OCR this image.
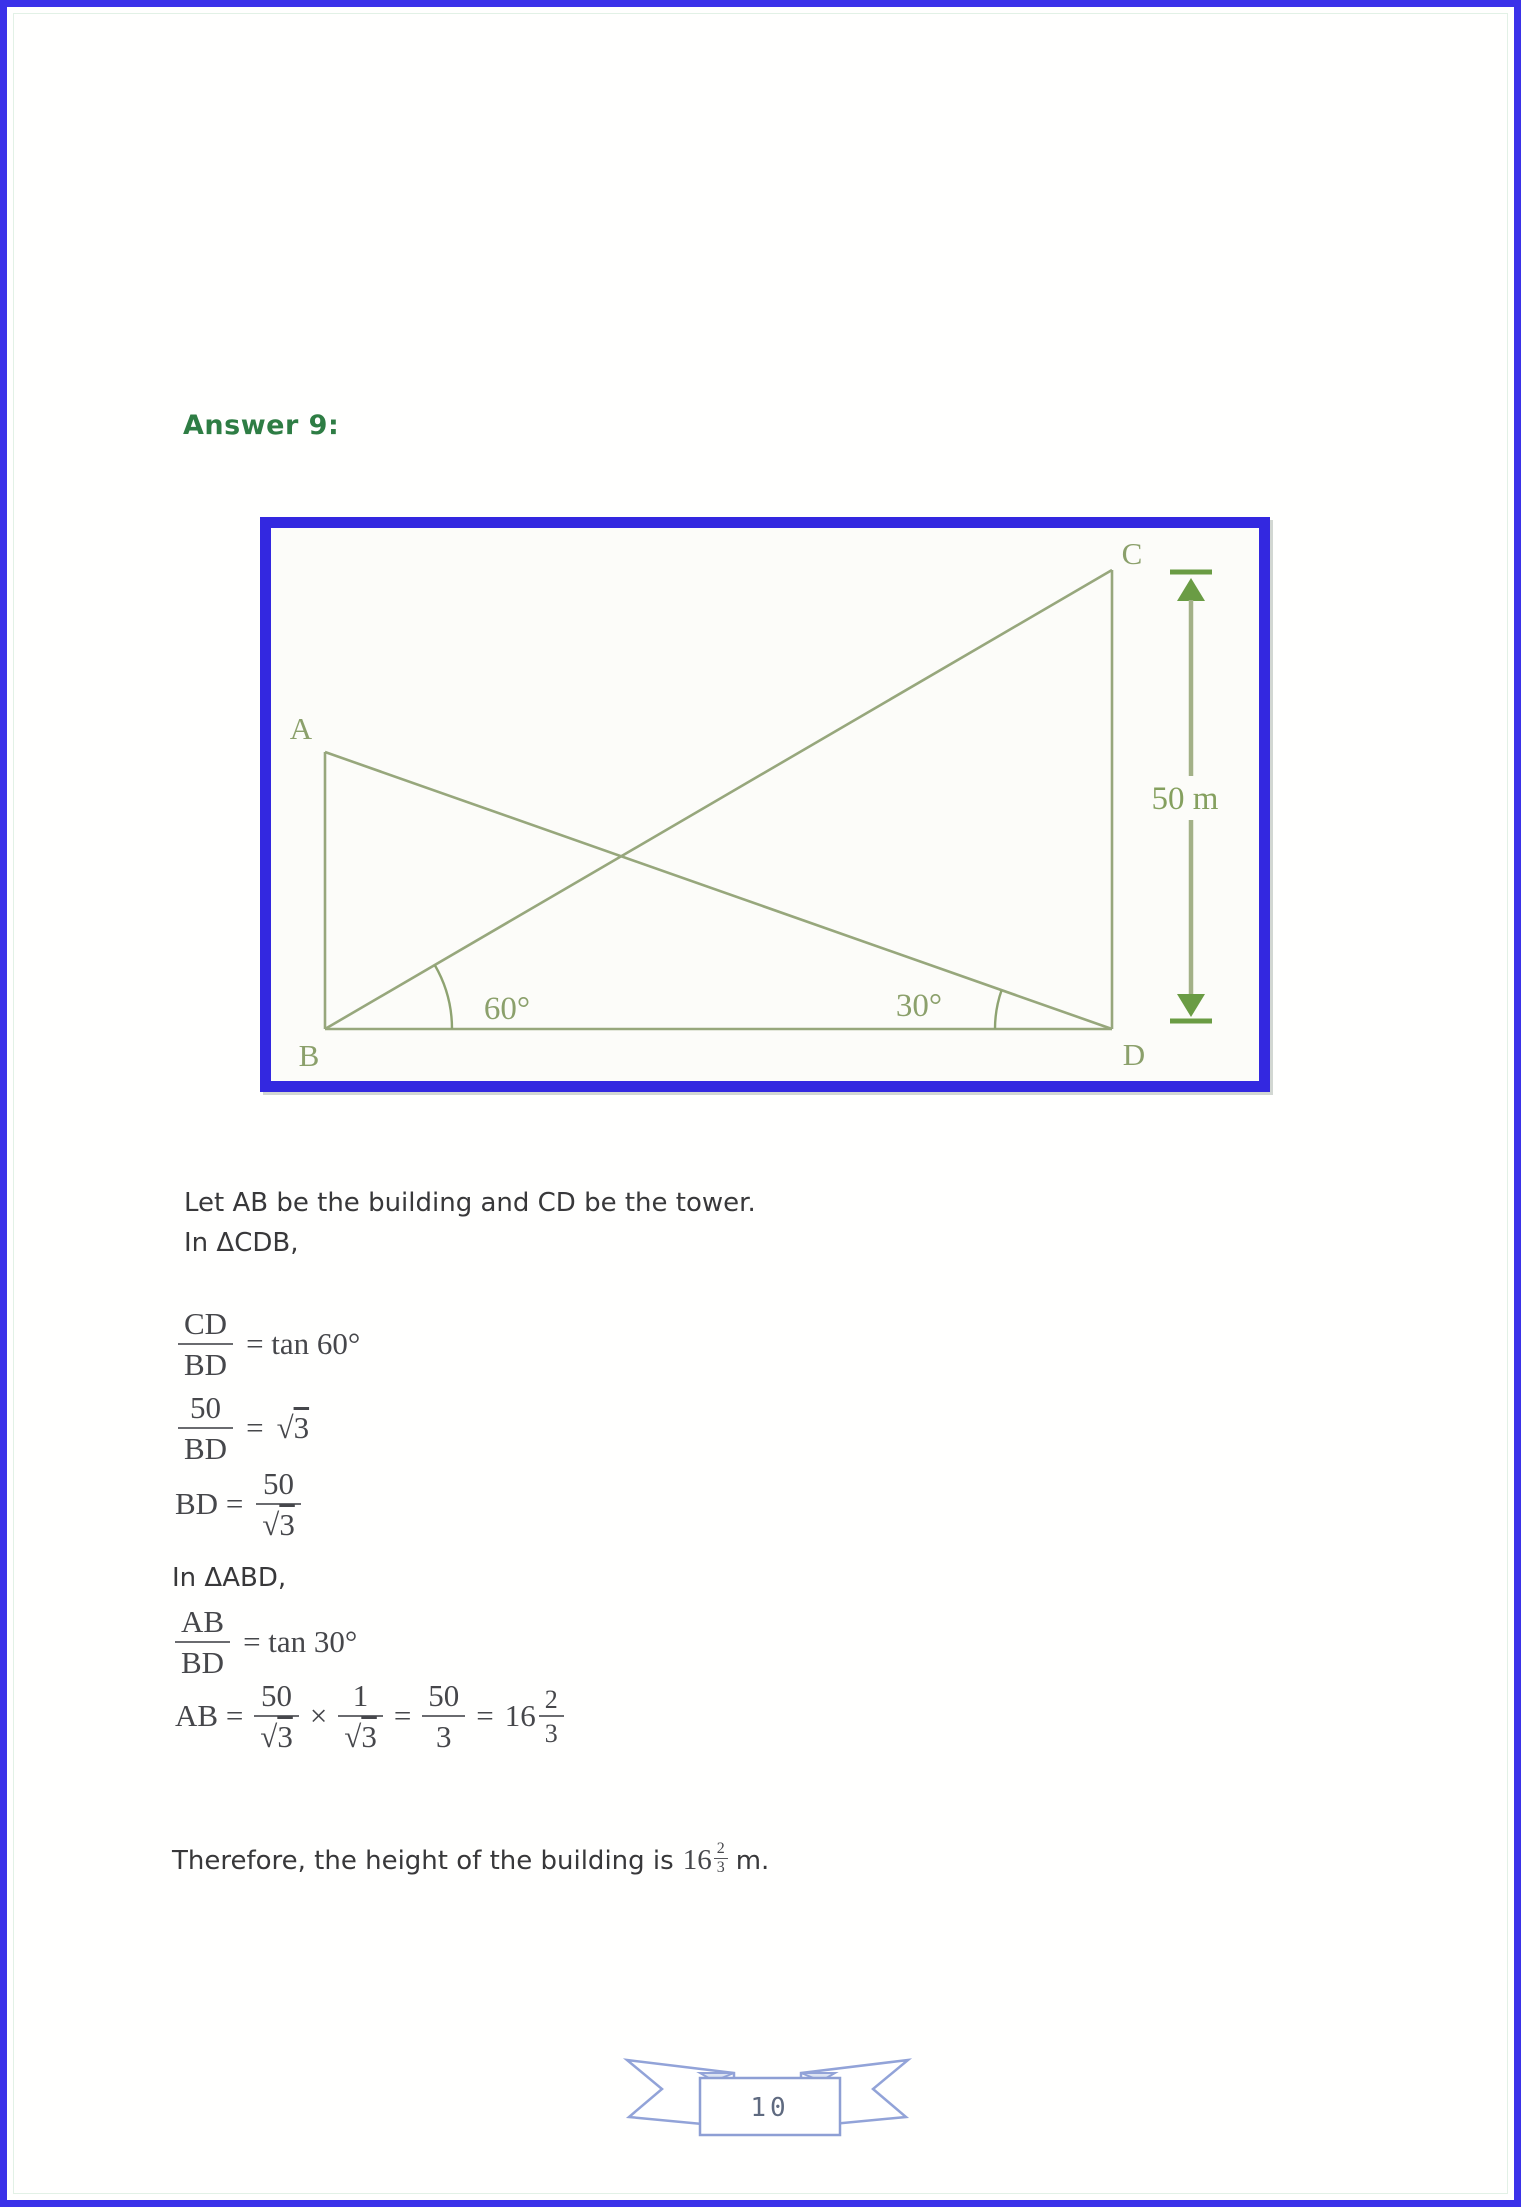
Answer 9:
A
B
C
D
60°	30°
50 m
Let AB be the building and CD be the tower.
In ΔCDB,
$\frac{CD}{BD} = \tan 60^\circ$
$\frac{50}{BD} = √3$
BD = $\frac{50}{√3}$
In ΔABD,
$\frac{AB}{BD} = \tan 30^\circ$
AB = $\frac{50}{√3} \times \frac{1}{√3} = \frac{50}{3} = 16 \frac{2}{3}$
Therefore, the height of the building is $16 \frac{2}{3} m$.
10
